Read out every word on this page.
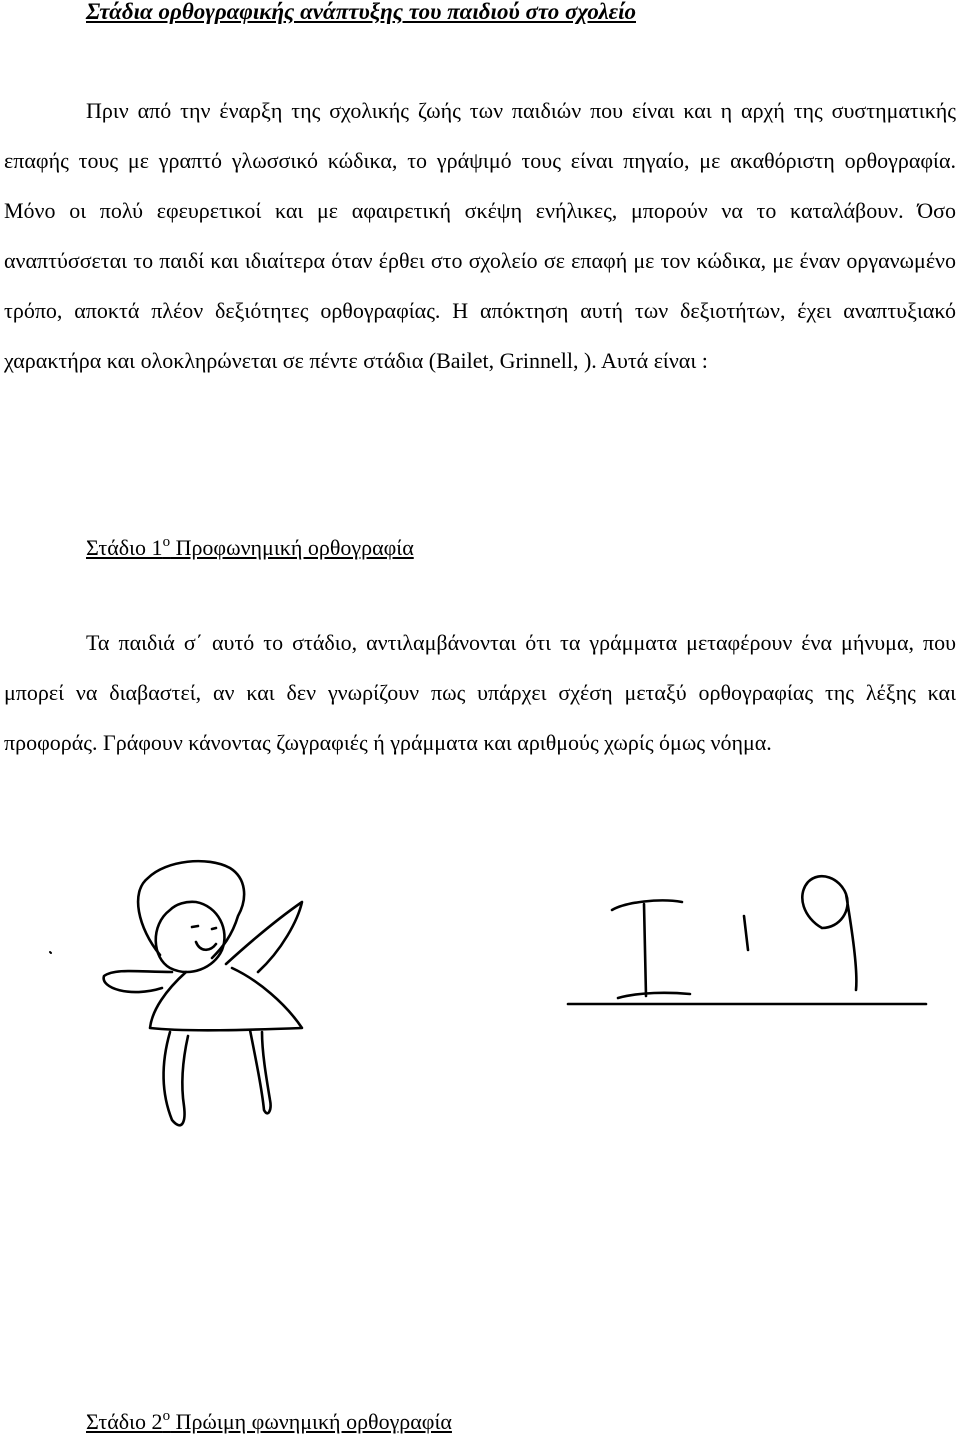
Στάδια ορθογραφικής ανάπτυξης του παιδιού στο σχολείο

Πριν από την έναρξη της σχολικής ζωής των παιδιών που είναι και η αρχή της συστηματικής επαφής τους με γραπτό γλωσσικό κώδικα, το γράψιμό τους είναι πηγαίο, με ακαθόριστη ορθογραφία. Μόνο οι πολύ εφευρετικοί και με αφαιρετική σκέψη ενήλικες, μπορούν να το καταλάβουν. Όσο αναπτύσσεται το παιδί και ιδιαίτερα όταν έρθει στο σχολείο σε επαφή με τον κώδικα, με έναν οργανωμένο τρόπο, αποκτά πλέον δεξιότητες ορθογραφίας. Η απόκτηση αυτή των δεξιοτήτων, έχει αναπτυξιακό χαρακτήρα και ολοκληρώνεται σε πέντε στάδια (Bailet, Grinnell, ). Αυτά είναι :

Στάδιο $1^o$ Προφωνημική ορθογραφία

Τα παιδιά σ΄ αυτό το στάδιο, αντιλαμβάνονται ότι τα γράμματα μεταφέρουν ένα μήνυμα, που μπορεί να διαβαστεί, αν και δεν γνωρίζουν πως υπάρχει σχέση μεταξύ ορθογραφίας της λέξης και προφοράς. Γράφουν κάνοντας ζωγραφιές ή γράμματα και αριθμούς χωρίς όμως νόημα.

Στάδιο $2^o$ Πρώιμη φωνημική ορθογραφία
